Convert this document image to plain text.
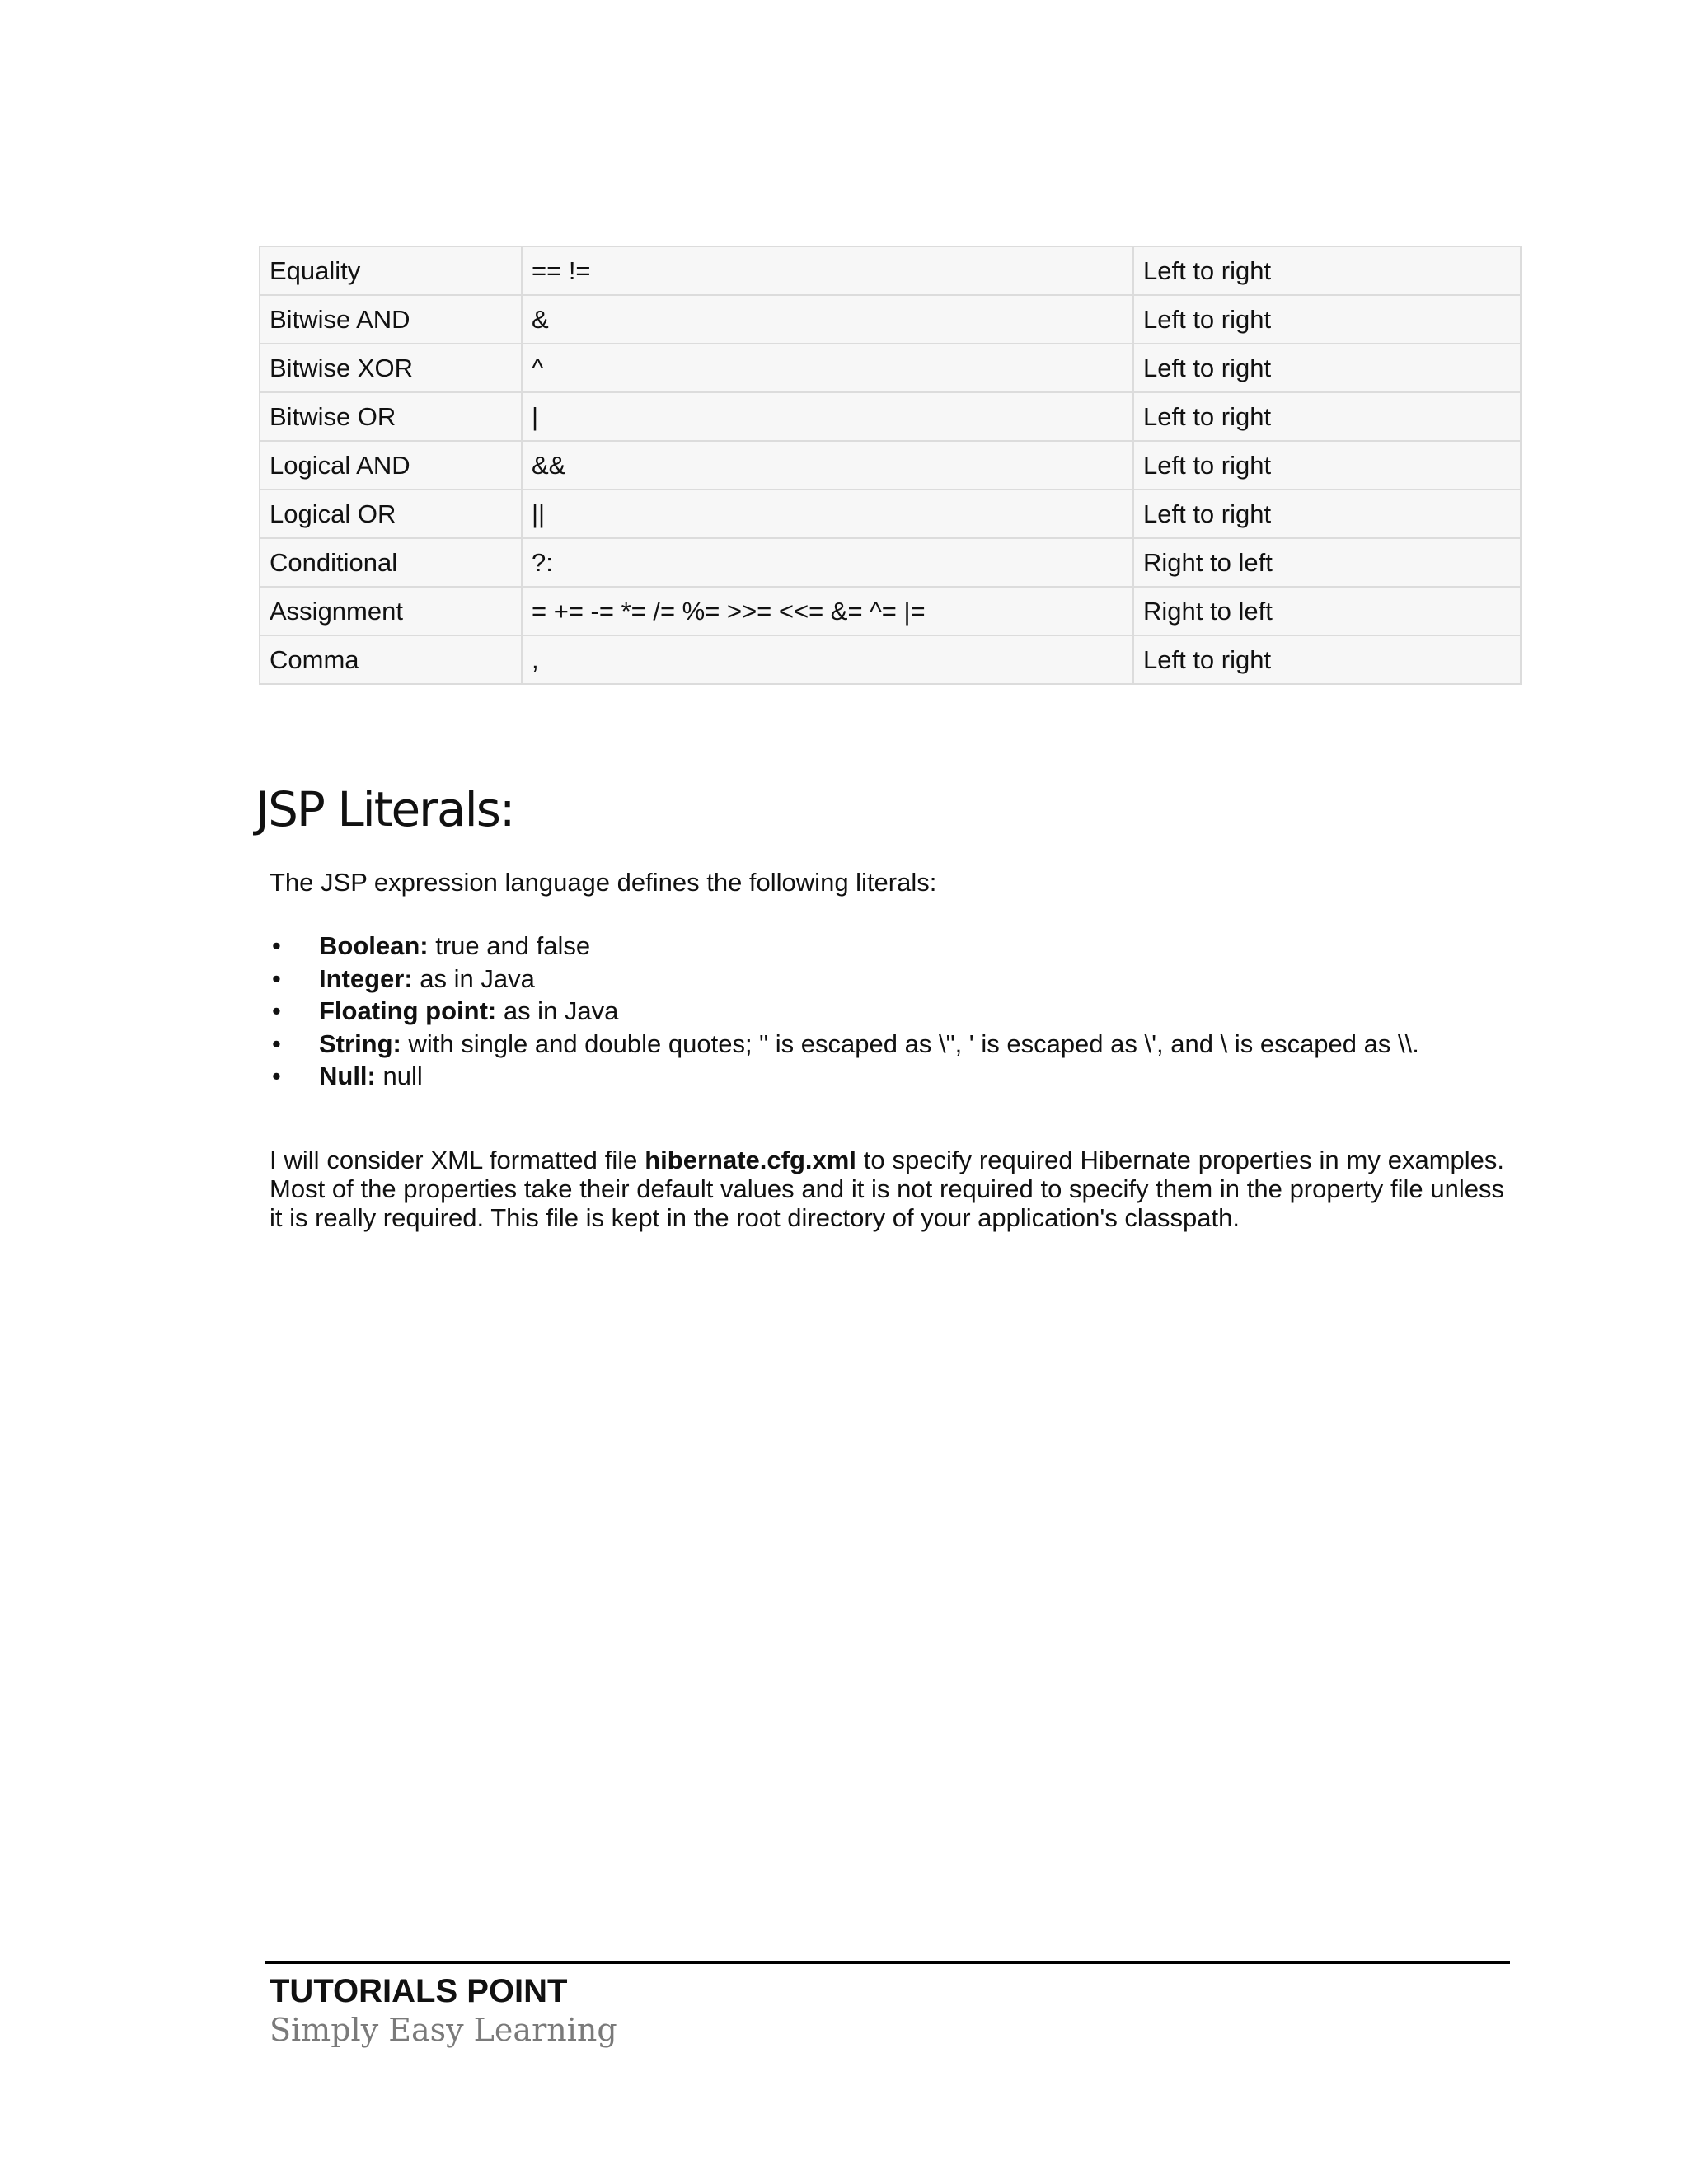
Equality	== !=	Left to right
Bitwise AND	&	Left to right
Bitwise XOR	^	Left to right
Bitwise OR	|	Left to right
Logical AND	&&	Left to right
Logical OR	||	Left to right
Conditional	?:	Right to left
Assignment	= += -= *= /= %= >>= <<= &= ^= |=	Right to left
Comma	,	Left to right
JSP Literals:

The JSP expression language defines the following literals:

• Boolean: true and false
• Integer: as in Java
• Floating point: as in Java
• String: with single and double quotes; " is escaped as \", ' is escaped as \', and \ is escaped as \\.
• Null: null

I will consider XML formatted file hibernate.cfg.xml to specify required Hibernate properties in my examples. Most of the properties take their default values and it is not required to specify them in the property file unless it is really required. This file is kept in the root directory of your application's classpath.

TUTORIALS POINT

Simply Easy Learning
